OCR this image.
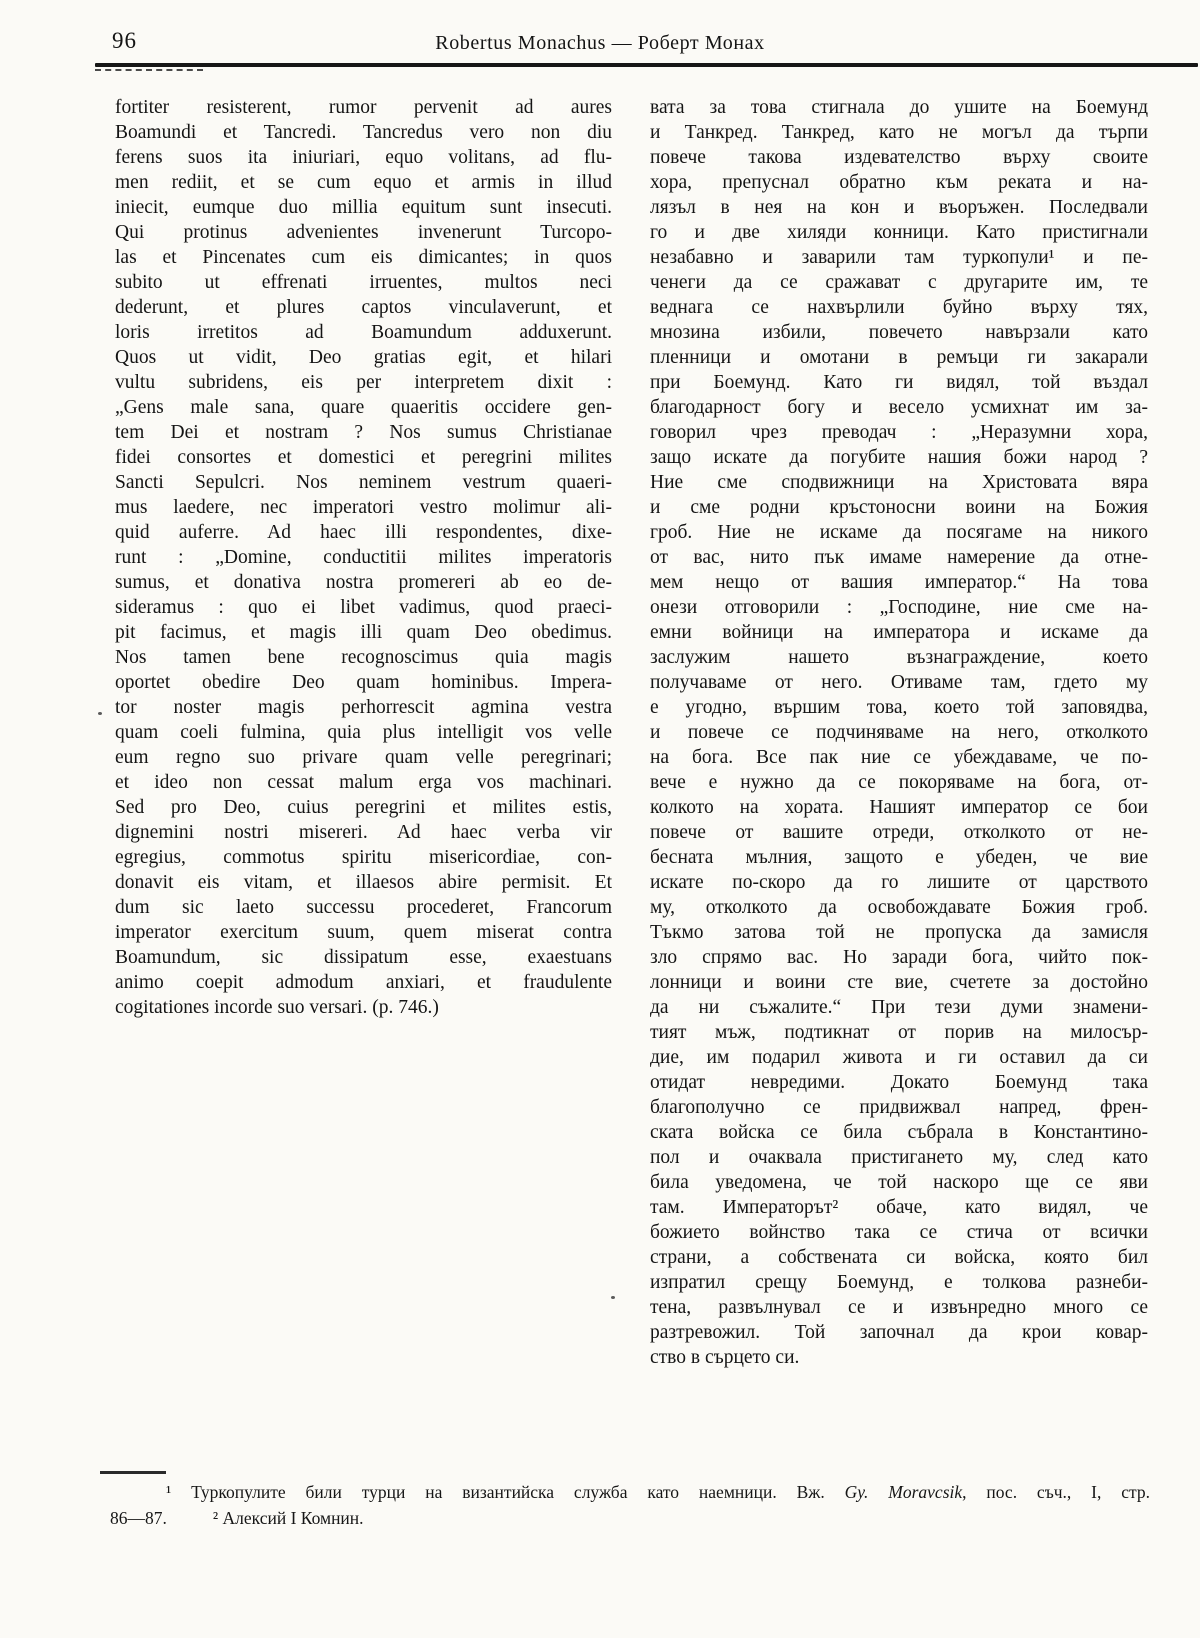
96	Robertus Monachus — Роберт Монах
fortiter resisterent, rumor pervenit ad aures
Boamundi et Tancredi. Tancredus vero non diu
ferens suos ita iniuriari, equo volitans, ad flu-
men rediit, et se cum equo et armis in illud
iniecit, eumque duo millia equitum sunt insecuti.
Qui protinus advenientes invenerunt Turcopo-
las et Pincenates cum eis dimicantes; in quos
subito ut effrenati irruentes, multos neci
dederunt, et plures captos vinculaverunt, et
loris irretitos ad Boamundum adduxerunt.
Quos ut vidit, Deo gratias egit, et hilari
vultu subridens, eis per interpretem dixit :
„Gens male sana, quare quaeritis occidere gen-
tem Dei et nostram ? Nos sumus Christianae
fidei consortes et domestici et peregrini milites
Sancti Sepulcri. Nos neminem vestrum quaeri-
mus laedere, nec imperatori vestro molimur ali-
quid auferre. Ad haec illi respondentes, dixe-
runt : „Domine, conductitii milites imperatoris
sumus, et donativa nostra promereri ab eo de-
sideramus : quo ei libet vadimus, quod praeci-
pit facimus, et magis illi quam Deo obedimus.
Nos tamen bene recognoscimus quia magis
oportet obedire Deo quam hominibus. Impera-
tor noster magis perhorrescit agmina vestra
quam coeli fulmina, quia plus intelligit vos velle
eum regno suo privare quam velle peregrinari;
et ideo non cessat malum erga vos machinari.
Sed pro Deo, cuius peregrini et milites estis,
dignemini nostri misereri. Ad haec verba vir
egregius, commotus spiritu misericordiae, con-
donavit eis vitam, et illaesos abire permisit. Et
dum sic laeto successu procederet, Francorum
imperator exercitum suum, quem miserat contra
Boamundum, sic dissipatum esse, exaestuans
animo coepit admodum anxiari, et fraudulente
cogitationes incorde suo versari. (p. 746.)
вата за това стигнала до ушите на Боемунд
и Танкред. Танкред, като не могъл да търпи
повече такова издевателство върху своите
хора, препуснал обратно към реката и на-
лязъл в нея на кон и въоръжен. Последвали
го и две хиляди конници. Като пристигнали
незабавно и заварили там туркопули¹ и пе-
ченеги да се сражават с другарите им, те
веднага се нахвърлили буйно върху тях,
мнозина избили, повечето навързали като
пленници и омотани в ремъци ги закарали
при Боемунд. Като ги видял, той въздал
благодарност богу и весело усмихнат им за-
говорил чрез преводач : „Неразумни хора,
защо искате да погубите нашия божи народ ?
Ние сме сподвижници на Христовата вяра
и сме родни кръстоносни воини на Божия
гроб. Ние не искаме да посягаме на никого
от вас, нито пък имаме намерение да отне-
мем нещо от вашия император.“ На това
онези отговорили : „Господине, ние сме на-
емни войници на императора и искаме да
заслужим нашето възнаграждение, което
получаваме от него. Отиваме там, гдето му
е угодно, вършим това, което той заповядва,
и повече се подчиняваме на него, отколкото
на бога. Все пак ние се убеждаваме, че по-
вече е нужно да се покоряваме на бога, от-
колкото на хората. Нашият император се бои
повече от вашите отреди, отколкото от не-
бесната мълния, защото е убеден, че вие
искате по-скоро да го лишите от царството
му, отколкото да освобождавате Божия гроб.
Тъкмо затова той не пропуска да замисля
зло спрямо вас. Но заради бога, чийто пок-
лонници и воини сте вие, счетете за достойно
да ни съжалите.“ При тези думи знамени-
тият мъж, подтикнат от порив на милосър-
дие, им подарил живота и ги оставил да си
отидат невредими. Докато Боемунд така
благополучно се придвижвал напред, френ-
ската войска се била събрала в Константино-
пол и очаквала пристигането му, след като
била уведомена, че той наскоро ще се яви
там. Императорът² обаче, като видял, че
божието войнство така се стича от всички
страни, а собствената си войска, която бил
изпратил срещу Боемунд, е толкова разнеби-
тена, развълнувал се и извънредно много се
разтревожил. Той започнал да крои ковар-
ство в сърцето си.
¹ Туркопулите били турци на византийска служба като наемници. Вж. Gy. Moravcsik, пос. съч., I, стр.
86—87.	² Алексий I Комнин.
